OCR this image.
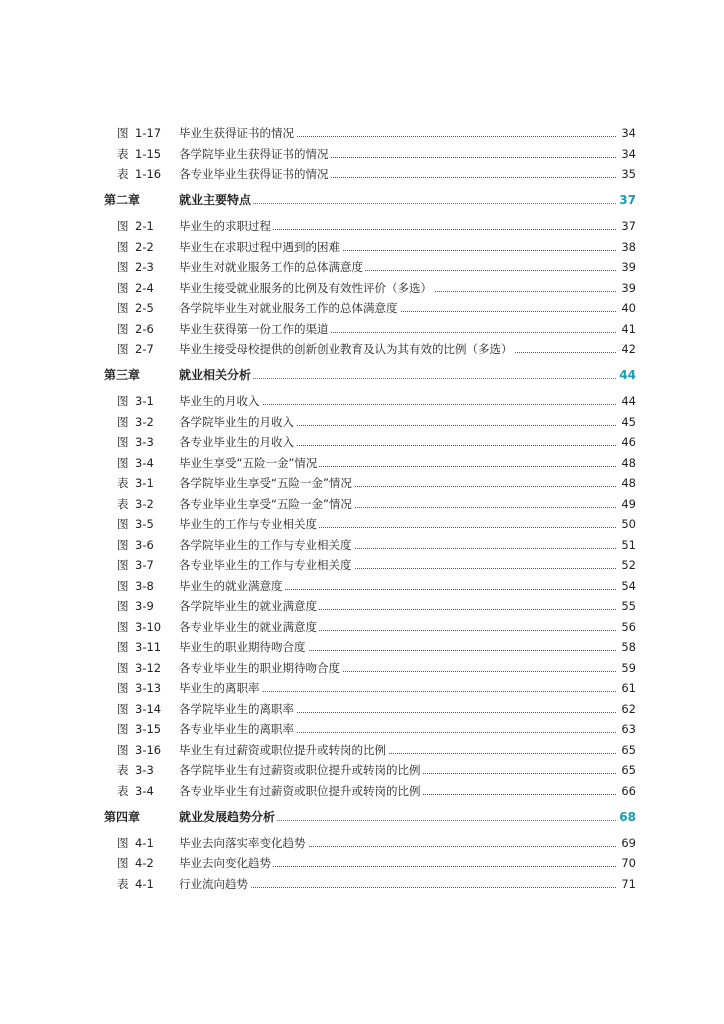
图 1-17 毕业生获得证书的情况	34
表 1-15 各学院毕业生获得证书的情况	34
表 1-16 各专业毕业生获得证书的情况	35
第二章	就业主要特点	37
图 2-1 毕业生的求职过程	37
图 2-2 毕业生在求职过程中遇到的困难	38
图 2-3 毕业生对就业服务工作的总体满意度	39
图 2-4 毕业生接受就业服务的比例及有效性评价（多选）	39
图 2-5 各学院毕业生对就业服务工作的总体满意度	40
图 2-6 毕业生获得第一份工作的渠道	41
图 2-7 毕业生接受母校提供的创新创业教育及认为其有效的比例（多选）	42
第三章	就业相关分析	44
图 3-1 毕业生的月收入	44
图 3-2 各学院毕业生的月收入	45
图 3-3 各专业毕业生的月收入	46
图 3-4 毕业生享受“五险一金”情况	48
表 3-1 各学院毕业生享受“五险一金”情况	48
表 3-2 各专业毕业生享受“五险一金”情况	49
图 3-5 毕业生的工作与专业相关度	50
图 3-6 各学院毕业生的工作与专业相关度	51
图 3-7 各专业毕业生的工作与专业相关度	52
图 3-8 毕业生的就业满意度	54
图 3-9 各学院毕业生的就业满意度	55
图 3-10 各专业毕业生的就业满意度	56
图 3-11 毕业生的职业期待吻合度	58
图 3-12 各专业毕业生的职业期待吻合度	59
图 3-13 毕业生的离职率	61
图 3-14 各学院毕业生的离职率	62
图 3-15 各专业毕业生的离职率	63
图 3-16 毕业生有过薪资或职位提升或转岗的比例	65
表 3-3 各学院毕业生有过薪资或职位提升或转岗的比例	65
表 3-4 各专业毕业生有过薪资或职位提升或转岗的比例	66
第四章	就业发展趋势分析	68
图 4-1 毕业去向落实率变化趋势	69
图 4-2 毕业去向变化趋势	70
表 4-1 行业流向趋势	71
